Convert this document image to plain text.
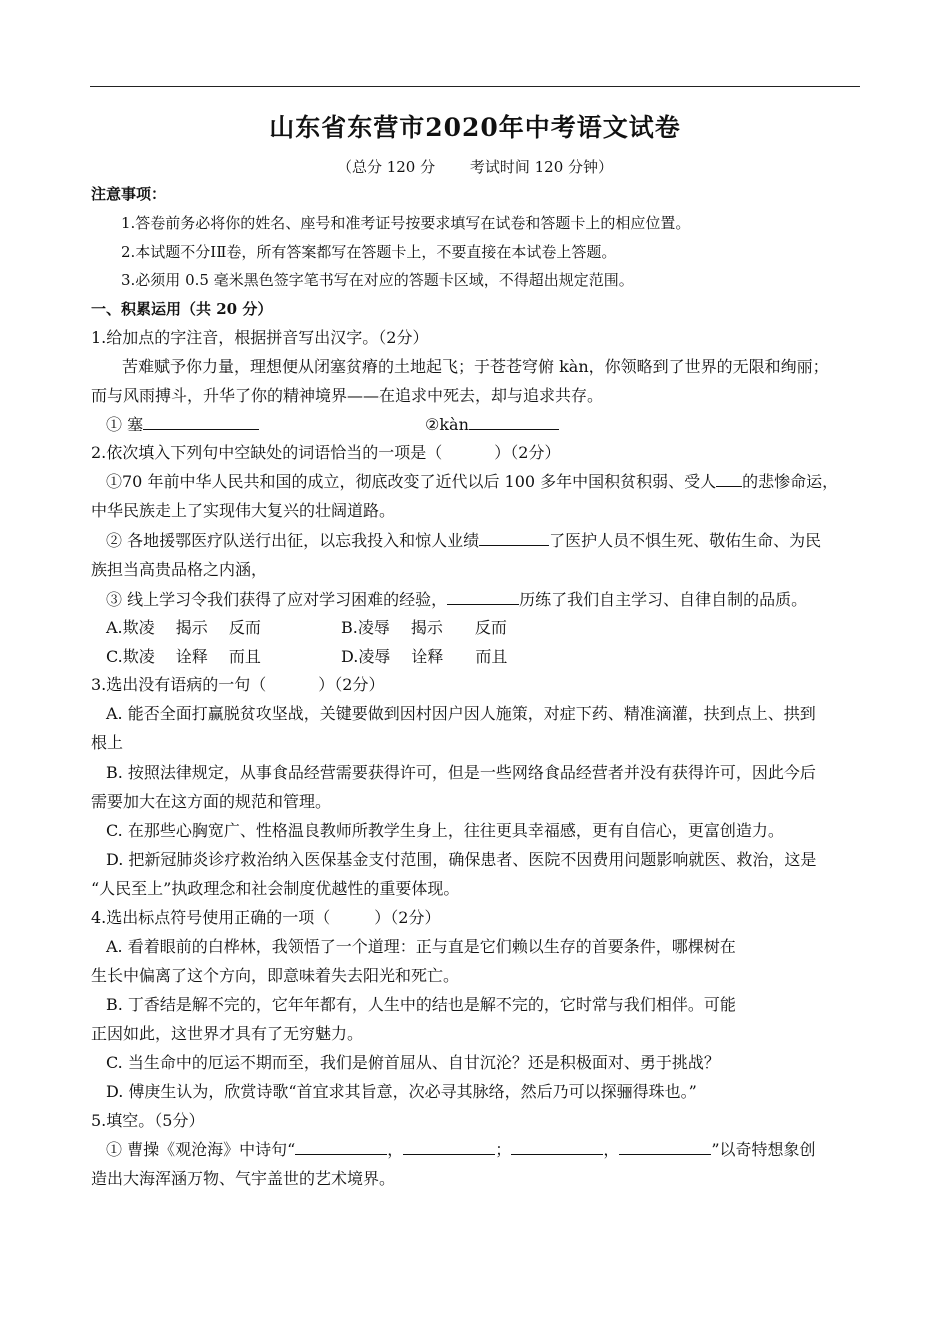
山东省东营市2020年中考语文试卷
（总分 120 分　　 考试时间 120 分钟）
注意事项：
1.答卷前务必将你的姓名、座号和准考证号按要求填写在试卷和答题卡上的相应位置。
2.本试题不分ⅠⅡ卷，所有答案都写在答题卡上，不要直接在本试卷上答题。
3.必须用 0.5 毫米黑色签字笔书写在对应的答题卡区域，不得超出规定范围。
一、积累运用（共 20 分）
1.给加点的字注音，根据拼音写出汉字。（2分）
苦难赋予你力量，理想便从闭塞贫瘠的土地起飞；于苍苍穹俯 kàn，你领略到了世界的无限和绚丽；
而与风雨搏斗，升华了你的精神境界——在追求中死去，却与追求共存。
① 塞	②kàn
2.依次填入下列句中空缺处的词语恰当的一项是（	）（2分）
①70 年前中华人民共和国的成立，彻底改变了近代以后 100 多年中国积贫积弱、受人 的悲惨命运，
中华民族走上了实现伟大复兴的壮阔道路。
② 各地援鄂医疗队送行出征，以忘我投入和惊人业绩	了医护人员不惧生死、敬佑生命、为民
族担当高贵品格之内涵，
③ 线上学习令我们获得了应对学习困难的经验，	历练了我们自主学习、自律自制的品质。
A.欺凌　 揭示　 反而	B.凌辱　 揭示　　反而
C.欺凌　 诠释　 而且	D.凌辱　 诠释　　而且
3.选出没有语病的一句（	）（2分）
A. 能否全面打赢脱贫攻坚战，关键要做到因村因户因人施策，对症下药、精准滴灌，扶到点上、拱到
根上
B. 按照法律规定，从事食品经营需要获得许可，但是一些网络食品经营者并没有获得许可，因此今后
需要加大在这方面的规范和管理。
C. 在那些心胸宽广、性格温良教师所教学生身上，往往更具幸福感，更有自信心，更富创造力。
D. 把新冠肺炎诊疗救治纳入医保基金支付范围，确保患者、医院不因费用问题影响就医、救治，这是
“人民至上”执政理念和社会制度优越性的重要体现。
4.选出标点符号使用正确的一项（	）（2分）
A. 看着眼前的白桦林，我领悟了一个道理：正与直是它们赖以生存的首要条件，哪棵树在
生长中偏离了这个方向，即意味着失去阳光和死亡。
B. 丁香结是解不完的，它年年都有，人生中的结也是解不完的，它时常与我们相伴。可能
正因如此，这世界才具有了无穷魅力。
C. 当生命中的厄运不期而至，我们是俯首屈从、自甘沉沦？还是积极面对、勇于挑战？
D. 傅庚生认为，欣赏诗歌“首宜求其旨意，次必寻其脉络，然后乃可以探骊得珠也。”
5.填空。（5分）
① 曹操《观沧海》中诗句“	，	；	，	”以奇特想象创
造出大海浑涵万物、气宇盖世的艺术境界。
